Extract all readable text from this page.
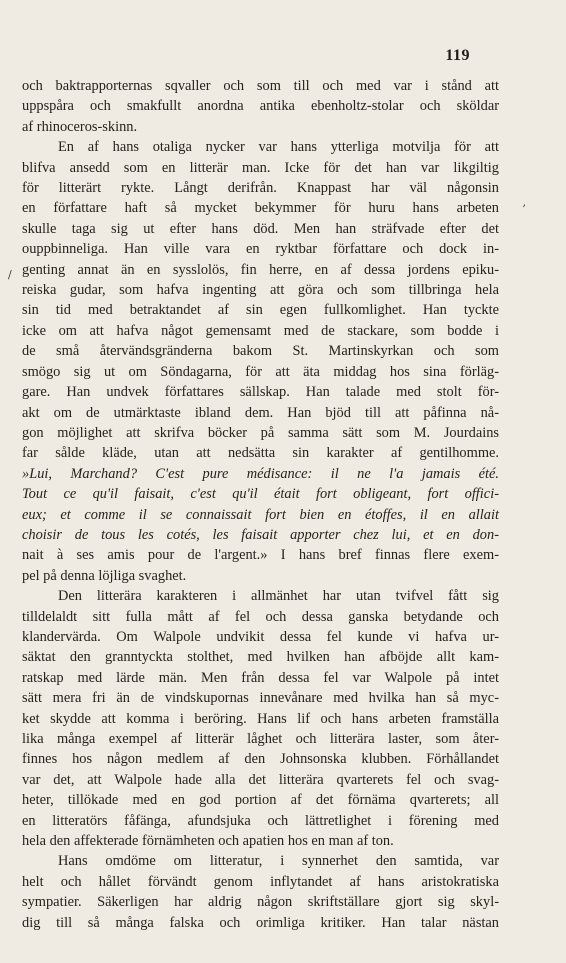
119
/
,
och baktrapporternas sqvaller och som till och med var i stånd att
uppspåra och smakfullt anordna antika ebenholtz-stolar och sköldar
af rhinoceros-skinn.
En af hans otaliga nycker var hans ytterliga motvilja för att
blifva ansedd som en litterär man. Icke för det han var likgiltig
för litterärt rykte. Långt derifrån. Knappast har väl någonsin
en författare haft så mycket bekymmer för huru hans arbeten
skulle taga sig ut efter hans död. Men han sträfvade efter det
ouppbinneliga. Han ville vara en ryktbar författare och dock in-
genting annat än en sysslolös, fin herre, en af dessa jordens epiku-
reiska gudar, som hafva ingenting att göra och som tillbringa hela
sin tid med betraktandet af sin egen fullkomlighet. Han tyckte
icke om att hafva något gemensamt med de stackare, som bodde i
de små återvändsgränderna bakom St. Martinskyrkan och som
smögo sig ut om Söndagarna, för att äta middag hos sina förläg-
gare. Han undvek författares sällskap. Han talade med stolt för-
akt om de utmärktaste ibland dem. Han bjöd till att påfinna nå-
gon möjlighet att skrifva böcker på samma sätt som M. Jourdains
far sålde kläde, utan att nedsätta sin karakter af gentilhomme.
»Lui, Marchand? C'est pure médisance: il ne l'a jamais été.
Tout ce qu'il faisait, c'est qu'il était fort obligeant, fort offici-
eux; et comme il se connaissait fort bien en étoffes, il en allait
choisir de tous les cotés, les faisait apporter chez lui, et en don-
nait à ses amis pour de l'argent.» I hans bref finnas flere exem-
pel på denna löjliga svaghet.
Den litterära karakteren i allmänhet har utan tvifvel fått sig
tilldelaldt sitt fulla mått af fel och dessa ganska betydande och
klandervärda. Om Walpole undvikit dessa fel kunde vi hafva ur-
säktat den granntyckta stolthet, med hvilken han afböjde allt kam-
ratskap med lärde män. Men från dessa fel var Walpole på intet
sätt mera fri än de vindskupornas innevånare med hvilka han så myc-
ket skydde att komma i beröring. Hans lif och hans arbeten framställa
lika många exempel af litterär låghet och litterära laster, som åter-
finnes hos någon medlem af den Johnsonska klubben. Förhållandet
var det, att Walpole hade alla det litterära qvarterets fel och svag-
heter, tillökade med en god portion af det förnäma qvarterets; all
en litteratörs fåfänga, afundsjuka och lättretlighet i förening med
hela den affekterade förnämheten och apatien hos en man af ton.
Hans omdöme om litteratur, i synnerhet den samtida, var
helt och hållet förvändt genom inflytandet af hans aristokratiska
sympatier. Säkerligen har aldrig någon skriftställare gjort sig skyl-
dig till så många falska och orimliga kritiker. Han talar nästan
